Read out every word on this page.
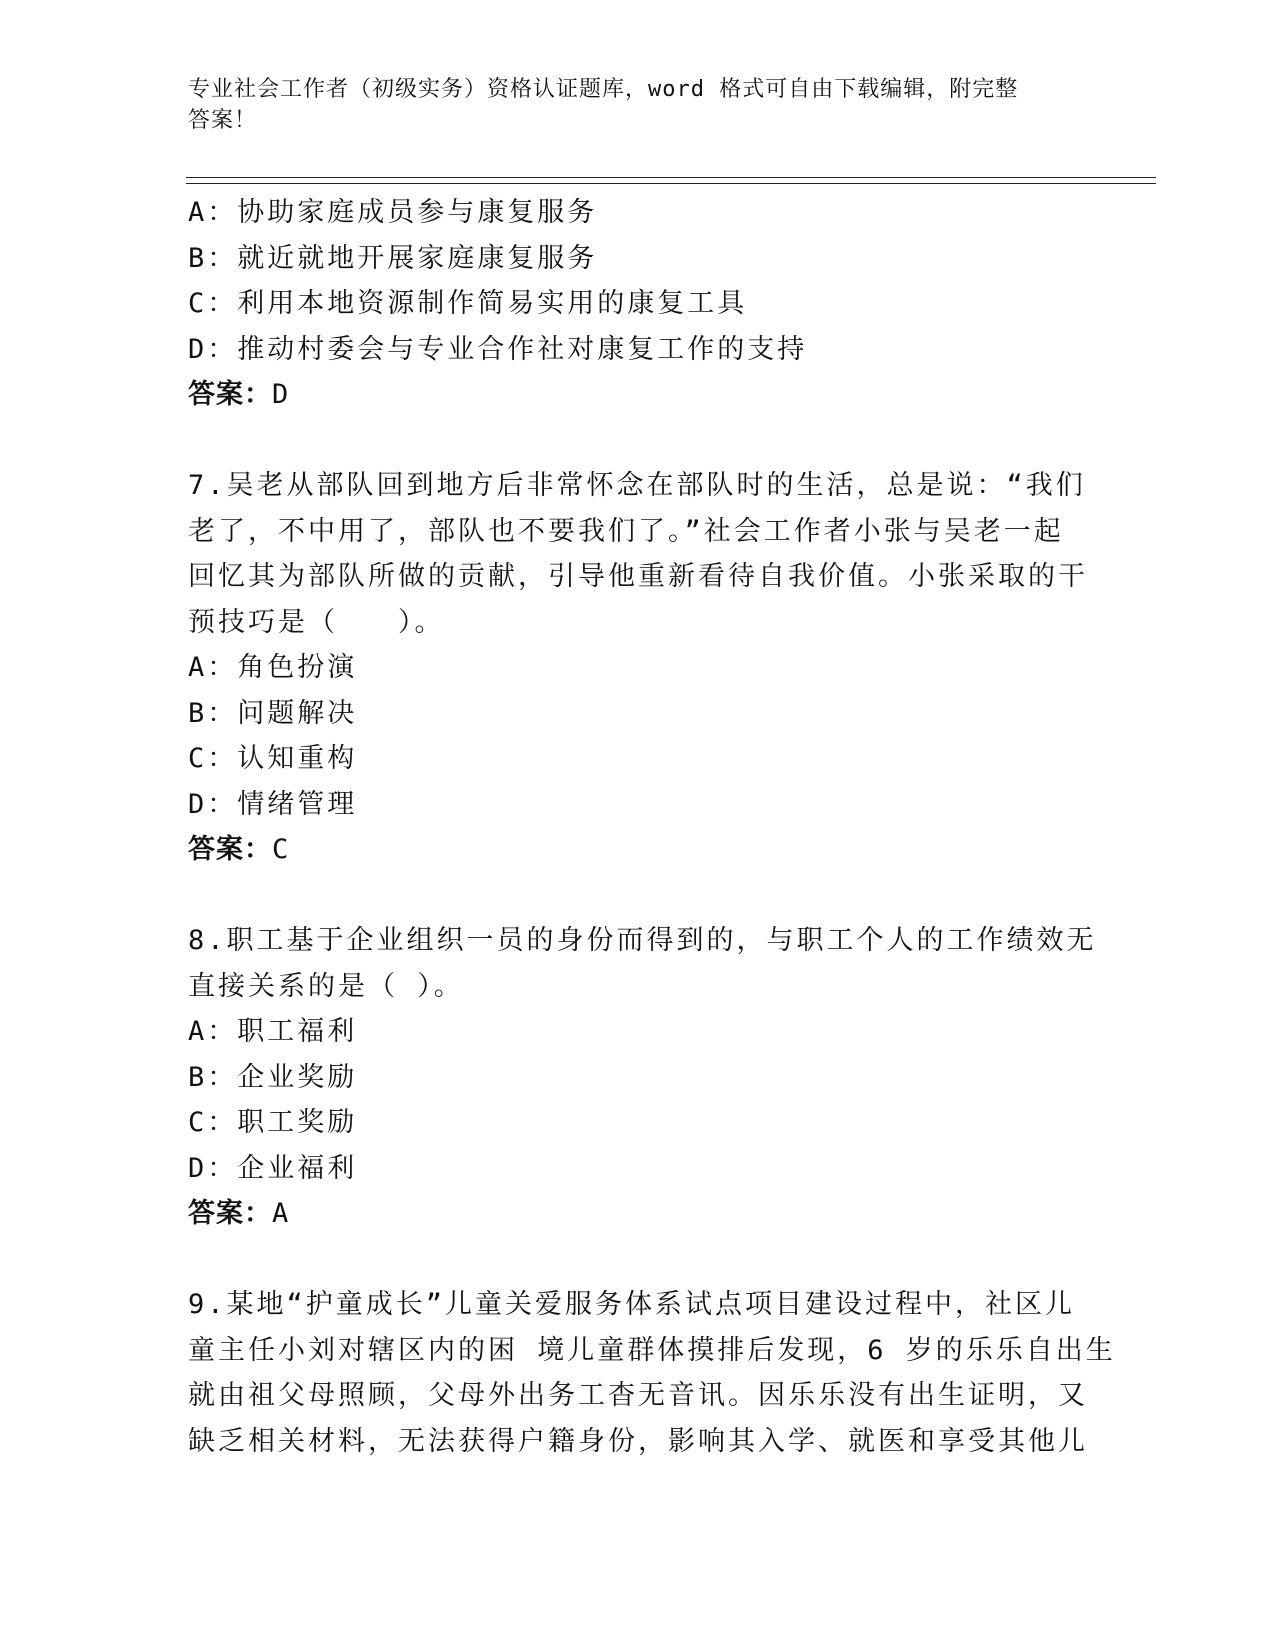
专业社会工作者（初级实务）资格认证题库，word 格式可自由下载编辑，附完整
答案！
A：协助家庭成员参与康复服务
B：就近就地开展家庭康复服务
C：利用本地资源制作简易实用的康复工具
D：推动村委会与专业合作社对康复工作的支持
答案：D
7.吴老从部队回到地方后非常怀念在部队时的生活，总是说：“我们
老了，不中用了，部队也不要我们了。”社会工作者小张与吴老一起
回忆其为部队所做的贡献，引导他重新看待自我价值。小张采取的干
预技巧是（　　）。
A：角色扮演
B：问题解决
C：认知重构
D：情绪管理
答案：C
8.职工基于企业组织一员的身份而得到的，与职工个人的工作绩效无
直接关系的是（ ）。
A：职工福利
B：企业奖励
C：职工奖励
D：企业福利
答案：A
9.某地“护童成长”儿童关爱服务体系试点项目建设过程中，社区儿
童主任小刘对辖区内的困 境儿童群体摸排后发现，6 岁的乐乐自出生
就由祖父母照顾，父母外出务工杳无音讯。因乐乐没有出生证明，又
缺乏相关材料，无法获得户籍身份，影响其入学、就医和享受其他儿
